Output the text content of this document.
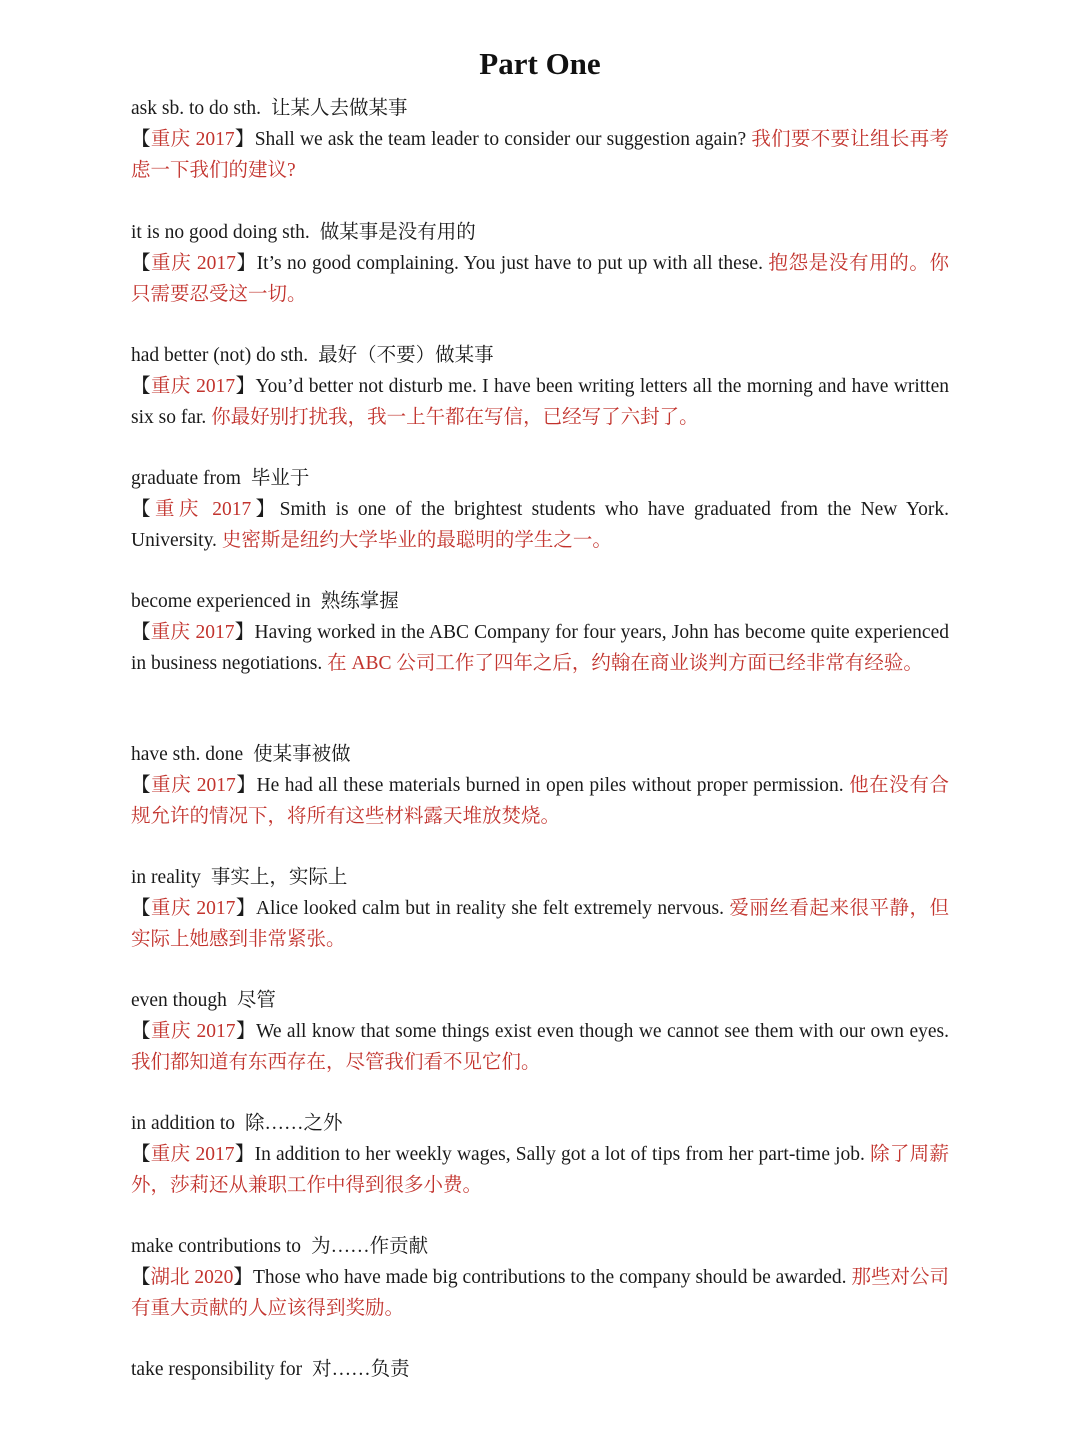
Part One
ask sb. to do sth. 让某人去做某事
【重庆 2017】Shall we ask the team leader to consider our suggestion again? 我们要不要让组长再考虑一下我们的建议?
it is no good doing sth. 做某事是没有用的
【重庆 2017】It’s no good complaining. You just have to put up with all these. 抱怨是没有用的。你只需要忍受这一切。
had better (not) do sth. 最好（不要）做某事
【重庆 2017】You’d better not disturb me. I have been writing letters all the morning and have written six so far. 你最好别打扰我，我一上午都在写信，已经写了六封了。
graduate from 毕业于
【重庆 2017】Smith is one of the brightest students who have graduated from the New York. University. 史密斯是纽约大学毕业的最聪明的学生之一。
become experienced in 熟练掌握
【重庆 2017】Having worked in the ABC Company for four years, John has become quite experienced in business negotiations. 在 ABC 公司工作了四年之后，约翰在商业谈判方面已经非常有经验。
have sth. done 使某事被做
【重庆 2017】He had all these materials burned in open piles without proper permission. 他在没有合规允许的情况下，将所有这些材料露天堆放焚烧。
in reality 事实上，实际上
【重庆 2017】Alice looked calm but in reality she felt extremely nervous. 爱丽丝看起来很平静，但实际上她感到非常紧张。
even though 尽管
【重庆 2017】We all know that some things exist even though we cannot see them with our own eyes. 我们都知道有东西存在，尽管我们看不见它们。
in addition to 除……之外
【重庆 2017】In addition to her weekly wages, Sally got a lot of tips from her part-time job. 除了周薪外，莎莉还从兼职工作中得到很多小费。
make contributions to 为……作贡献
【湖北 2020】Those who have made big contributions to the company should be awarded. 那些对公司有重大贡献的人应该得到奖励。
take responsibility for 对……负责
